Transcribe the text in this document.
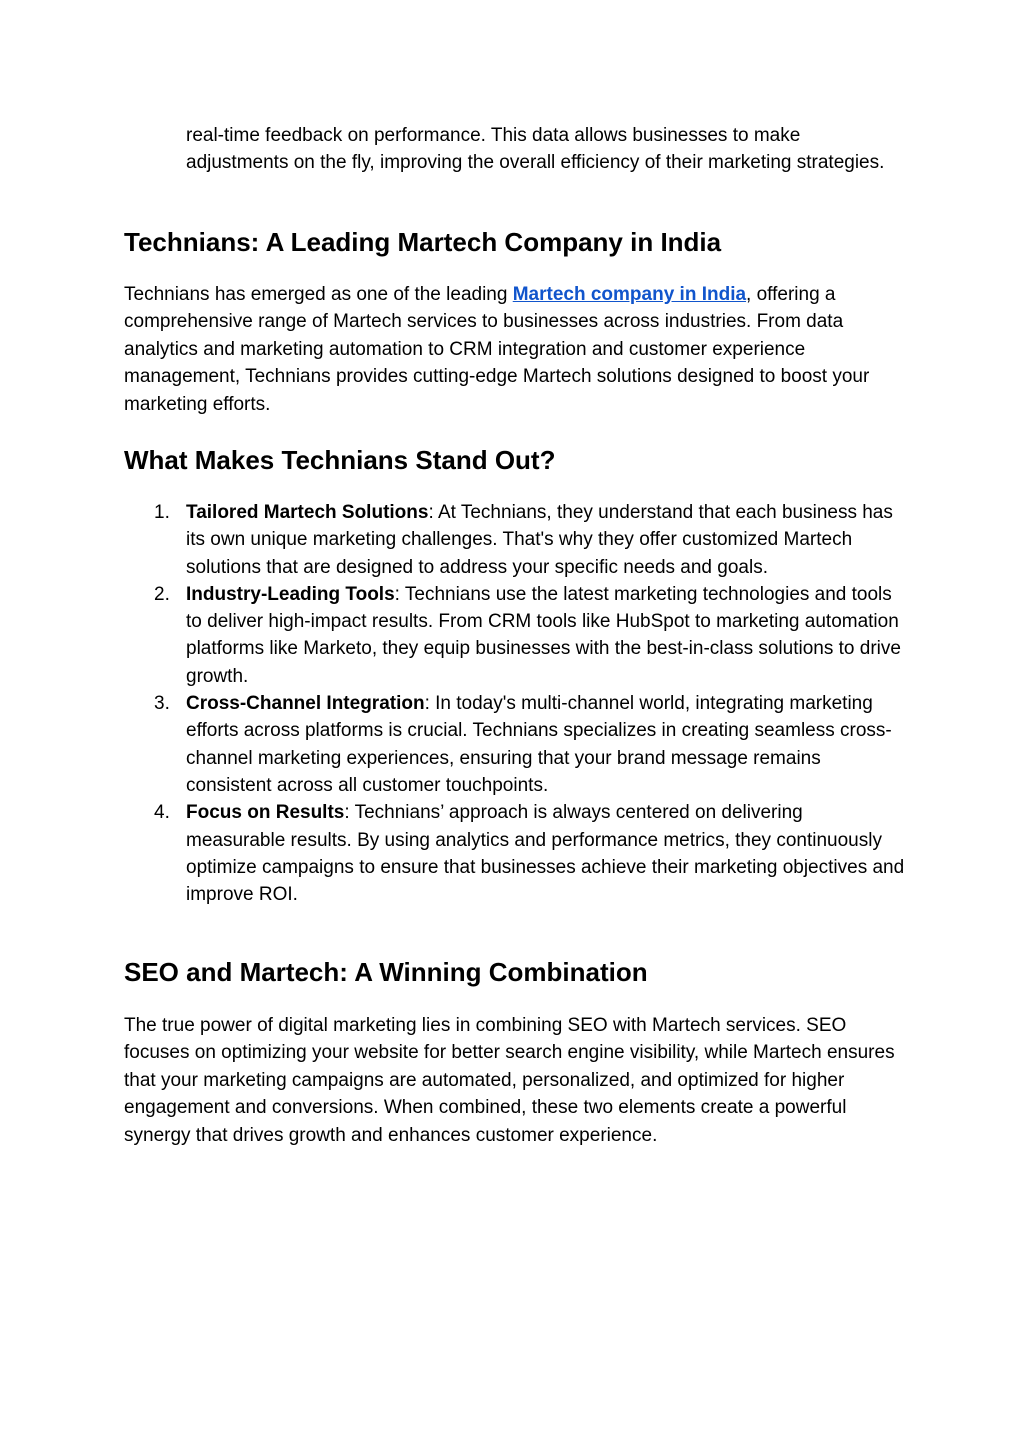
real-time feedback on performance. This data allows businesses to make adjustments on the fly, improving the overall efficiency of their marketing strategies.

Technians: A Leading Martech Company in India

Technians has emerged as one of the leading Martech company in India, offering a comprehensive range of Martech services to businesses across industries. From data analytics and marketing automation to CRM integration and customer experience management, Technians provides cutting-edge Martech solutions designed to boost your marketing efforts.

What Makes Technians Stand Out?
1. Tailored Martech Solutions: At Technians, they understand that each business has its own unique marketing challenges. That's why they offer customized Martech solutions that are designed to address your specific needs and goals.
2. Industry-Leading Tools: Technians use the latest marketing technologies and tools to deliver high-impact results. From CRM tools like HubSpot to marketing automation platforms like Marketo, they equip businesses with the best-in-class solutions to drive growth.
3. Cross-Channel Integration: In today's multi-channel world, integrating marketing efforts across platforms is crucial. Technians specializes in creating seamless cross-channel marketing experiences, ensuring that your brand message remains consistent across all customer touchpoints.
4. Focus on Results: Technians’ approach is always centered on delivering measurable results. By using analytics and performance metrics, they continuously optimize campaigns to ensure that businesses achieve their marketing objectives and improve ROI.
SEO and Martech: A Winning Combination

The true power of digital marketing lies in combining SEO with Martech services. SEO focuses on optimizing your website for better search engine visibility, while Martech ensures that your marketing campaigns are automated, personalized, and optimized for higher engagement and conversions. When combined, these two elements create a powerful synergy that drives growth and enhances customer experience.
